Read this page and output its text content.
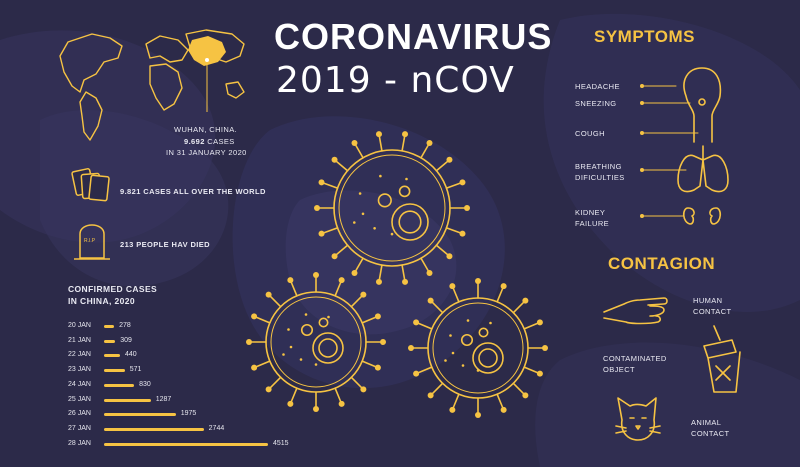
CORONAVIRUS
2019 - nCOV
WUHAN, CHINA.
9.692 CASES
IN 31 JANUARY 2020
R.I.P
9.821 CASES ALL OVER THE WORLD
213 PEOPLE HAV DIED
CONFIRMED CASES
IN CHINA, 2020
20 JAN	278
21 JAN	309
22 JAN	440
23 JAN	571
24 JAN	830
25 JAN	1287
26 JAN	1975
27 JAN	2744
28 JAN	4515
SYMPTOMS
HEADACHE
SNEEZING
COUGH
BREATHING
DIFICULTIES
KIDNEY
FAILURE
CONTAGION
HUMAN
CONTACT
CONTAMINATED
OBJECT
ANIMAL
CONTACT
